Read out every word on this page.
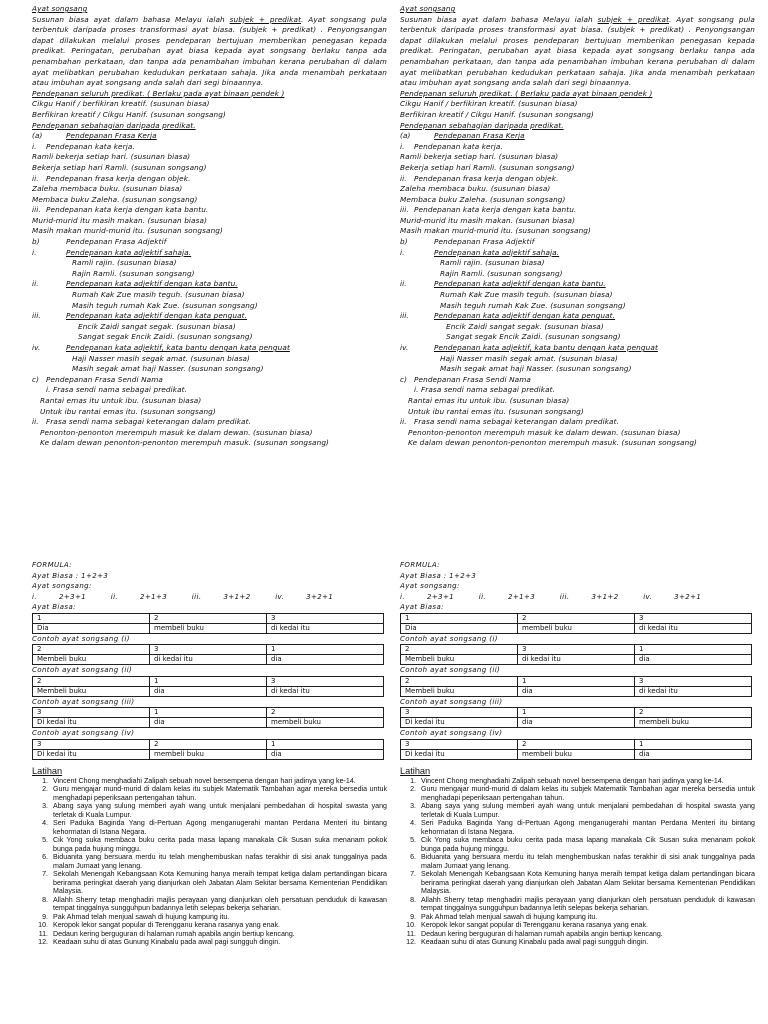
Ayat songsang
Susunan biasa ayat dalam bahasa Melayu ialah subjek + predikat. Ayat songsang pula terbentuk daripada proses transformasi ayat biasa. (subjek + predikat) . Penyongsangan dapat dilakukan melalui proses pendeparan bertujuan memberikan penegasan kepada predikat. Peringatan, perubahan ayat biasa kepada ayat songsang berlaku tanpa ada penambahan perkataan, dan tanpa ada penambahan imbuhan kerana perubahan di dalam ayat melibatkan perubahan kedudukan perkataan sahaja. Jika anda menambah perkataan atau imbuhan ayat songsang anda salah dari segi binaannya.
Pendepanan seluruh predikat. ( Berlaku pada ayat binaan pendek )
Cikgu Hanif / berfikiran kreatif. (susunan biasa)
Berfikiran kreatif / Cikgu Hanif. (susunan songsang)
Pendepanan sebahagian daripada predikat.
(a)	Pendepanan Frasa Kerja
i. Pendepanan kata kerja.
Ramli bekerja setiap hari. (susunan biasa)
Bekerja setiap hari Ramli. (susunan songsang)
ii. Pendepanan frasa kerja dengan objek.
Zaleha membaca buku. (susunan biasa)
Membaca buku Zaleha. (susunan songsang)
iii. Pendepanan kata kerja dengan kata bantu.
Murid-murid itu masih makan. (susunan biasa)
Masih makan murid-murid itu. (susunan songsang)
b)	Pendepanan Frasa Adjektif
i.	Pendepanan kata adjektif sahaja.
Ramli rajin. (susunan biasa)
Rajin Ramli. (susunan songsang)
ii.	Pendepanan kata adjektif dengan kata bantu.
Rumah Kak Zue masih teguh. (susunan biasa)
Masih teguh rumah Kak Zue. (susunan songsang)
iii.	Pendepanan kata adjektif dengan kata penguat.
Encik Zaidi sangat segak. (susunan biasa)
Sangat segak Encik Zaidi. (susunan songsang)
iv.	Pendepanan kata adjektif, kata bantu dengan kata penguat
Haji Nasser masih segak amat. (susunan biasa)
Masih segak amat haji Nasser. (susunan songsang)
c) Pendepanan Frasa Sendi Nama
i. Frasa sendi nama sebagai predikat.
Rantai emas itu untuk ibu. (susunan biasa)
Untuk ibu rantai emas itu. (susunan songsang)
ii. Frasa sendi nama sebagai keterangan dalam predikat.
Penonton-penonton merempuh masuk ke dalam dewan. (susunan biasa)
Ke dalam dewan penonton-penonton merempuh masuk. (susunan songsang)
Ayat songsang
Susunan biasa ayat dalam bahasa Melayu ialah subjek + predikat. Ayat songsang pula terbentuk daripada proses transformasi ayat biasa. (subjek + predikat) . Penyongsangan dapat dilakukan melalui proses pendeparan bertujuan memberikan penegasan kepada predikat. Peringatan, perubahan ayat biasa kepada ayat songsang berlaku tanpa ada penambahan perkataan, dan tanpa ada penambahan imbuhan kerana perubahan di dalam ayat melibatkan perubahan kedudukan perkataan sahaja. Jika anda menambah perkataan atau imbuhan ayat songsang anda salah dari segi binaannya.
Pendepanan seluruh predikat. ( Berlaku pada ayat binaan pendek )
Cikgu Hanif / berfikiran kreatif. (susunan biasa)
Berfikiran kreatif / Cikgu Hanif. (susunan songsang)
Pendepanan sebahagian daripada predikat.
(a)	Pendepanan Frasa Kerja
i. Pendepanan kata kerja.
Ramli bekerja setiap hari. (susunan biasa)
Bekerja setiap hari Ramli. (susunan songsang)
ii. Pendepanan frasa kerja dengan objek.
Zaleha membaca buku. (susunan biasa)
Membaca buku Zaleha. (susunan songsang)
iii. Pendepanan kata kerja dengan kata bantu.
Murid-murid itu masih makan. (susunan biasa)
Masih makan murid-murid itu. (susunan songsang)
b)	Pendepanan Frasa Adjektif
i.	Pendepanan kata adjektif sahaja.
Ramli rajin. (susunan biasa)
Rajin Ramli. (susunan songsang)
ii.	Pendepanan kata adjektif dengan kata bantu.
Rumah Kak Zue masih teguh. (susunan biasa)
Masih teguh rumah Kak Zue. (susunan songsang)
iii.	Pendepanan kata adjektif dengan kata penguat.
Encik Zaidi sangat segak. (susunan biasa)
Sangat segak Encik Zaidi. (susunan songsang)
iv.	Pendepanan kata adjektif, kata bantu dengan kata penguat
Haji Nasser masih segak amat. (susunan biasa)
Masih segak amat haji Nasser. (susunan songsang)
c) Pendepanan Frasa Sendi Nama
i. Frasa sendi nama sebagai predikat.
Rantai emas itu untuk ibu. (susunan biasa)
Untuk ibu rantai emas itu. (susunan songsang)
ii. Frasa sendi nama sebagai keterangan dalam predikat.
Penonton-penonton merempuh masuk ke dalam dewan. (susunan biasa)
Ke dalam dewan penonton-penonton merempuh masuk. (susunan songsang)
FORMULA:
Ayat Biasa : 1+2+3
Ayat songsang:
i.	2+3+1	ii.	2+1+3	iii.	3+1+2	iv.	3+2+1
Ayat Biasa:
1	2	3
Dia	membeli buku	di kedai itu
Contoh ayat songsang (i)
2	3	1
Membeli buku	di kedai itu	dia
Contoh ayat songsang (ii)
2	1	3
Membeli buku	dia	di kedai itu
Contoh ayat songsang (iii)
3	1	2
Di kedai itu	dia	membeli buku
Contoh ayat songsang (iv)
3	2	1
Di kedai itu	membeli buku	dia
Latihan
1. Vincent Chong menghadiahi Zalipah sebuah novel bersempena dengan hari jadinya yang ke-14.
2. Guru mengajar murid-murid di dalam kelas itu subjek Matematik Tambahan agar mereka bersedia untuk menghadapi peperiksaan pertengahan tahun.
3. Abang saya yang sulung memberi ayah wang untuk menjalani pembedahan di hospital swasta yang terletak di Kuala Lumpur.
4. Seri Paduka Baginda Yang di-Pertuan Agong menganugerahi mantan Perdana Menteri itu bintang kehormatan di Istana Negara.
5. Cik Yong suka membaca buku cerita pada masa lapang manakala Cik Susan suka menanam pokok bunga pada hujung minggu.
6. Biduanita yang bersuara merdu itu telah menghembuskan nafas terakhir di sisi anak tunggalnya pada malam Jumaat yang lenang.
7. Sekolah Menengah Kebangsaan Kota Kemuning hanya meraih tempat ketiga dalam pertandingan bicara berirama peringkat daerah yang dianjurkan oleh Jabatan Alam Sekitar bersama Kementerian Pendidikan Malaysia.
8. Allahh Sherry tetap menghadiri majlis perayaan yang dianjurkan oleh persatuan penduduk di kawasan tempat tinggalnya sungguhpun badannya letih selepas bekerja seharian.
9. Pak Ahmad telah menjual sawah di hujung kampung itu.
10. Keropok lekor sangat popular di Terengganu kerana rasanya yang enak.
11. Dedaun kering berguguran di halaman rumah apabila angin bertiup kencang.
12. Keadaan suhu di atas Gunung Kinabalu pada awal pagi sungguh dingin.
FORMULA:
Ayat Biasa : 1+2+3
Ayat songsang:
i.	2+3+1	ii.	2+1+3	iii.	3+1+2	iv.	3+2+1
Ayat Biasa:
1	2	3
Dia	membeli buku	di kedai itu
Contoh ayat songsang (i)
2	3	1
Membeli buku	di kedai itu	dia
Contoh ayat songsang (ii)
2	1	3
Membeli buku	dia	di kedai itu
Contoh ayat songsang (iii)
3	1	2
Di kedai itu	dia	membeli buku
Contoh ayat songsang (iv)
3	2	1
Di kedai itu	membeli buku	dia
Latihan
1. Vincent Chong menghadiahi Zalipah sebuah novel bersempena dengan hari jadinya yang ke-14.
2. Guru mengajar murid-murid di dalam kelas itu subjek Matematik Tambahan agar mereka bersedia untuk menghadapi peperiksaan pertengahan tahun.
3. Abang saya yang sulung memberi ayah wang untuk menjalani pembedahan di hospital swasta yang terletak di Kuala Lumpur.
4. Seri Paduka Baginda Yang di-Pertuan Agong menganugerahi mantan Perdana Menteri itu bintang kehormatan di Istana Negara.
5. Cik Yong suka membaca buku cerita pada masa lapang manakala Cik Susan suka menanam pokok bunga pada hujung minggu.
6. Biduanita yang bersuara merdu itu telah menghembuskan nafas terakhir di sisi anak tunggalnya pada malam Jumaat yang lenang.
7. Sekolah Menengah Kebangsaan Kota Kemuning hanya meraih tempat ketiga dalam pertandingan bicara berirama peringkat daerah yang dianjurkan oleh Jabatan Alam Sekitar bersama Kementerian Pendidikan Malaysia.
8. Allahh Sherry tetap menghadiri majlis perayaan yang dianjurkan oleh persatuan penduduk di kawasan tempat tinggalnya sungguhpun badannya letih selepas bekerja seharian.
9. Pak Ahmad telah menjual sawah di hujung kampung itu.
10. Keropok lekor sangat popular di Terengganu kerana rasanya yang enak.
11. Dedaun kering berguguran di halaman rumah apabila angin bertiup kencang.
12. Keadaan suhu di atas Gunung Kinabalu pada awal pagi sungguh dingin.
